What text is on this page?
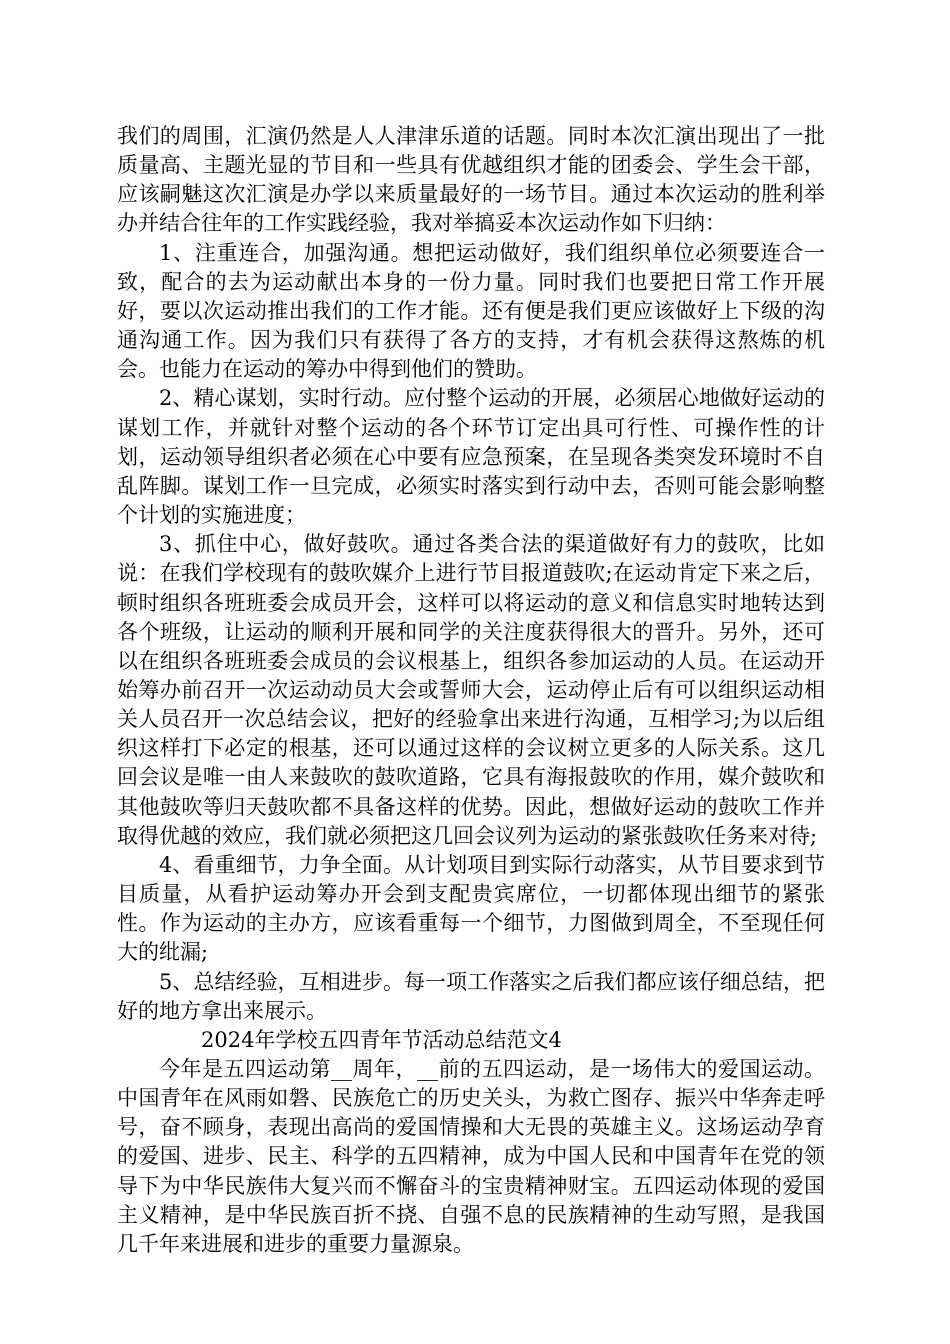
我们的周围，汇演仍然是人人津津乐道的话题。同时本次汇演出现出了一批质量高、主题光显的节目和一些具有优越组织才能的团委会、学生会干部，应该嗣魅这次汇演是办学以来质量最好的一场节目。通过本次运动的胜利举办并结合往年的工作实践经验，我对举搞妥本次运动作如下归纳：

1、注重连合，加强沟通。想把运动做好，我们组织单位必须要连合一致，配合的去为运动献出本身的一份力量。同时我们也要把日常工作开展好，要以次运动推出我们的工作才能。还有便是我们更应该做好上下级的沟通沟通工作。因为我们只有获得了各方的支持，才有机会获得这熬炼的机会。也能力在运动的筹办中得到他们的赞助。

2、精心谋划，实时行动。应付整个运动的开展，必须居心地做好运动的谋划工作，并就针对整个运动的各个环节订定出具可行性、可操作性的计划，运动领导组织者必须在心中要有应急预案，在呈现各类突发环境时不自乱阵脚。谋划工作一旦完成，必须实时落实到行动中去，否则可能会影响整个计划的实施进度；

3、抓住中心，做好鼓吹。通过各类合法的渠道做好有力的鼓吹，比如说：在我们学校现有的鼓吹媒介上进行节目报道鼓吹;在运动肯定下来之后，顿时组织各班班委会成员开会，这样可以将运动的意义和信息实时地转达到各个班级，让运动的顺利开展和同学的关注度获得很大的晋升。另外，还可以在组织各班班委会成员的会议根基上，组织各参加运动的人员。在运动开始筹办前召开一次运动动员大会或誓师大会，运动停止后有可以组织运动相关人员召开一次总结会议，把好的经验拿出来进行沟通，互相学习;为以后组织这样打下必定的根基，还可以通过这样的会议树立更多的人际关系。这几回会议是唯一由人来鼓吹的鼓吹道路，它具有海报鼓吹的作用，媒介鼓吹和其他鼓吹等归天鼓吹都不具备这样的优势。因此，想做好运动的鼓吹工作并取得优越的效应，我们就必须把这几回会议列为运动的紧张鼓吹任务来对待;

4、看重细节，力争全面。从计划项目到实际行动落实，从节目要求到节目质量，从看护运动筹办开会到支配贵宾席位，一切都体现出细节的紧张性。作为运动的主办方，应该看重每一个细节，力图做到周全，不至现任何大的纰漏;

5、总结经验，互相进步。每一项工作落实之后我们都应该仔细总结，把好的地方拿出来展示。

2024年学校五四青年节活动总结范文4

今年是五四运动第__周年，__前的五四运动，是一场伟大的爱国运动。中国青年在风雨如磐、民族危亡的历史关头，为救亡图存、振兴中华奔走呼号，奋不顾身，表现出高尚的爱国情操和大无畏的英雄主义。这场运动孕育的爱国、进步、民主、科学的五四精神，成为中国人民和中国青年在党的领导下为中华民族伟大复兴而不懈奋斗的宝贵精神财宝。五四运动体现的爱国主义精神，是中华民族百折不挠、自强不息的民族精神的生动写照，是我国几千年来进展和进步的重要力量源泉。
